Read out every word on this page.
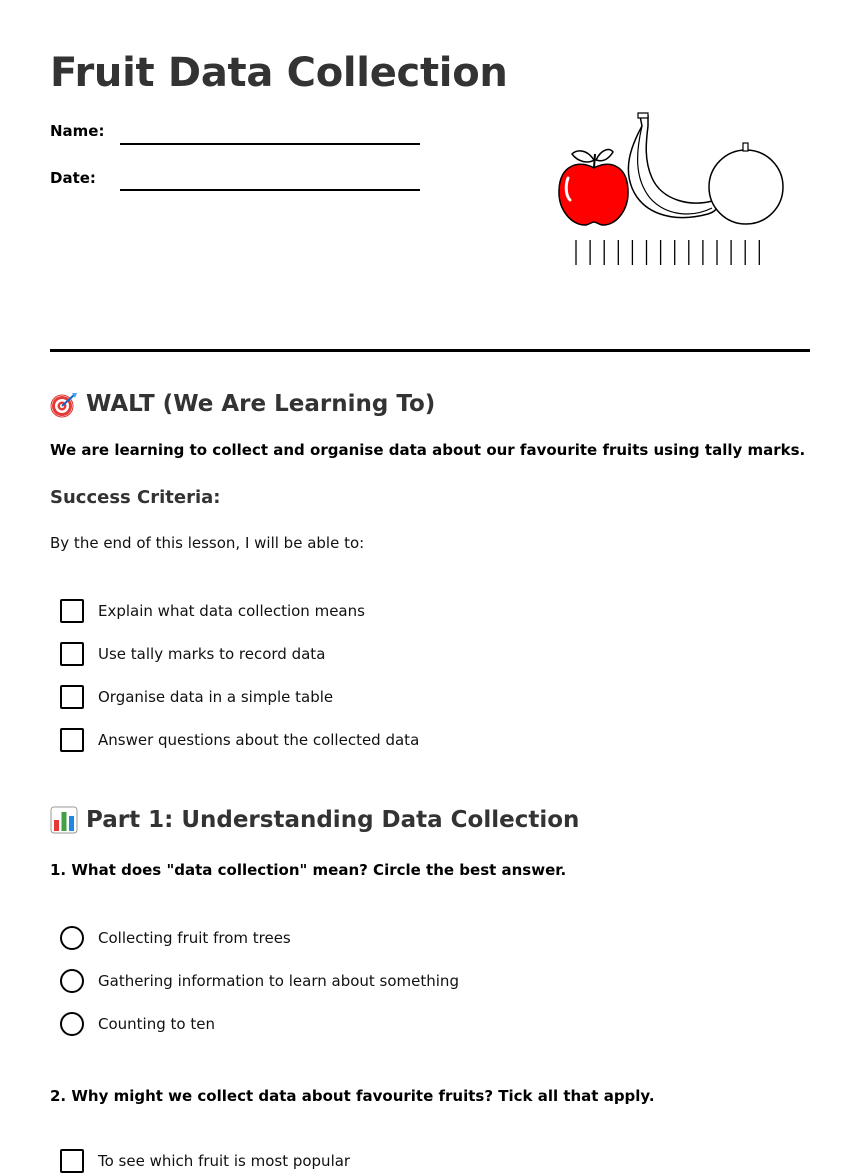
Fruit Data Collection
Name:
Date:
WALT (We Are Learning To)
We are learning to collect and organise data about our favourite fruits using tally marks.
Success Criteria:
By the end of this lesson, I will be able to:
Explain what data collection means
Use tally marks to record data
Organise data in a simple table
Answer questions about the collected data
Part 1: Understanding Data Collection
1. What does "data collection" mean? Circle the best answer.
Collecting fruit from trees
Gathering information to learn about something
Counting to ten
2. Why might we collect data about favourite fruits? Tick all that apply.
To see which fruit is most popular
